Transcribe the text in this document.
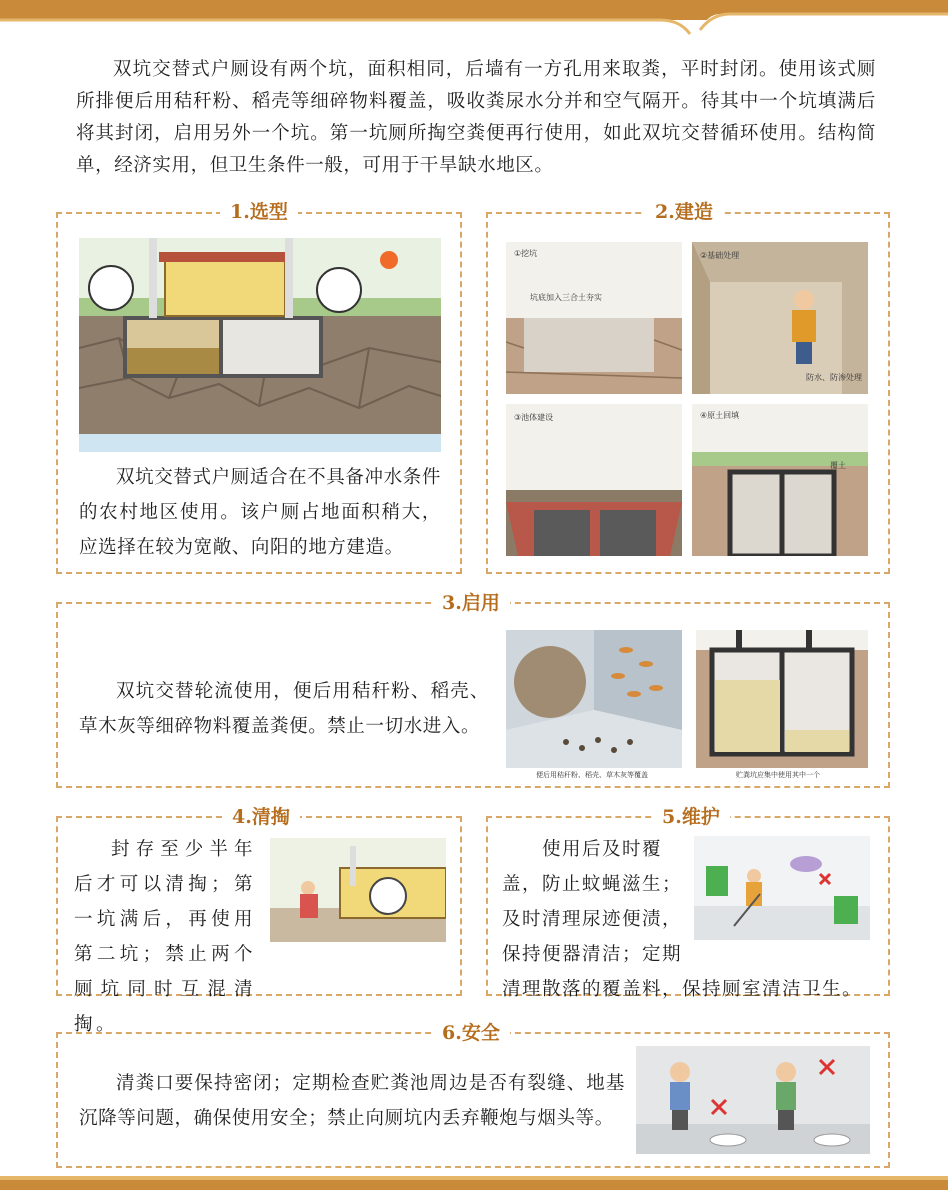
双坑交替式户厕设有两个坑，面积相同，后墙有一方孔用来取粪，平时封闭。使用该式厕所排便后用秸秆粉、稻壳等细碎物料覆盖，吸收粪尿水分并和空气隔开。待其中一个坑填满后将其封闭，启用另外一个坑。第一坑厕所掏空粪便再行使用，如此双坑交替循环使用。结构简单，经济实用，但卫生条件一般，可用于干旱缺水地区。

1.选型

双坑交替式户厕适合在不具备冲水条件的农村地区使用。该户厕占地面积稍大，应选择在较为宽敞、向阳的地方建造。

2.建造
①挖坑
坑底加入三合土夯实
②基础处理
防水、防渗处理
③池体建设	④原土回填
覆土
3.启用

双坑交替轮流使用，便后用秸秆粉、稻壳、草木灰等细碎物料覆盖粪便。禁止一切水进入。

便后用秸秆粉、稻壳、草木灰等覆盖	贮粪坑应集中使用其中一个
4.清掏

封存至少半年后才可以清掏；第一坑满后，再使用第二坑；禁止两个厕坑同时互混清掏。

5.维护
使用后及时覆
盖，防止蚊蝇滋生；
及时清理尿迹便渍，
保持便器清洁；定期
清理散落的覆盖料，保持厕室清洁卫生。
6.安全

清粪口要保持密闭；定期检查贮粪池周边是否有裂缝、地基沉降等问题，确保使用安全；禁止向厕坑内丢弃鞭炮与烟头等。
